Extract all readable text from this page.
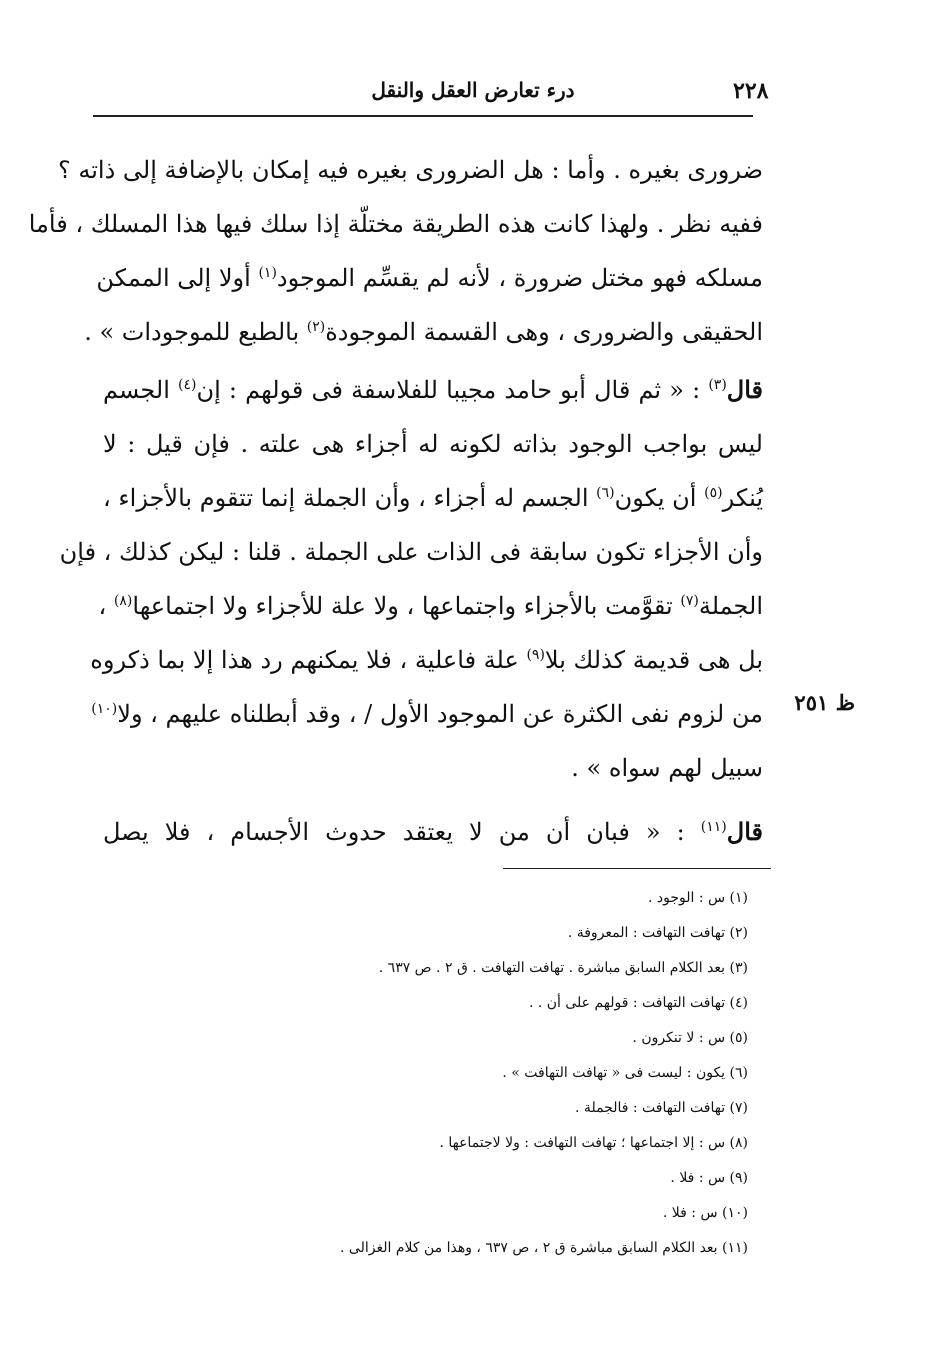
٢٢٨
درء تعارض العقل والنقل
ظ ٢٥١
ضرورى بغيره . وأما : هل الضرورى بغيره فيه إمكان بالإضافة إلى ذاته ؟
ففيه نظر . ولهذا كانت هذه الطريقة مختلّة إذا سلك فيها هذا المسلك ، فأما
مسلكه فهو مختل ضرورة ، لأنه لم يقسِّم الموجود$^{(١)}$ أولا إلى الممكن
الحقيقى والضرورى ، وهى القسمة الموجودة$^{(٢)}$ بالطبع للموجودات » .
قال$^{(٣)}$ : « ثم قال أبو حامد مجيبا للفلاسفة فى قولهم : إن$^{(٤)}$ الجسم
ليس بواجب الوجود بذاته لكونه له أجزاء هى علته . فإن قيل : لا
يُنكر$^{(٥)}$ أن يكون$^{(٦)}$ الجسم له أجزاء ، وأن الجملة إنما تتقوم بالأجزاء ،
وأن الأجزاء تكون سابقة فى الذات على الجملة . قلنا : ليكن كذلك ، فإن
الجملة$^{(٧)}$ تقوَّمت بالأجزاء واجتماعها ، ولا علة للأجزاء ولا اجتماعها$^{(٨)}$ ،
بل هى قديمة كذلك بلا$^{(٩)}$ علة فاعلية ، فلا يمكنهم رد هذا إلا بما ذكروه
من لزوم نفى الكثرة عن الموجود الأول / ، وقد أبطلناه عليهم ، ولا$^{(١٠)}$
سبيل لهم سواه » .
قال$^{(١١)}$ : « فبان أن من لا يعتقد حدوث الأجسام ، فلا يصل
(١) س : الوجود .
(٢) تهافت التهافت : المعروفة .
(٣) بعد الكلام السابق مباشرة . تهافت التهافت . ق ٢ . ص ٦٣٧ .
(٤) تهافت التهافت : قولهم على أن . .
(٥) س : لا تنكرون .
(٦) يكون : ليست فى « تهافت التهافت » .
(٧) تهافت التهافت : فالجملة .
(٨) س : إلا اجتماعها ؛ تهافت التهافت : ولا لاجتماعها .
(٩) س : فلا .
(١٠) س : فلا .
(١١) بعد الكلام السابق مباشرة ق ٢ ، ص ٦٣٧ ، وهذا من كلام الغزالى .
